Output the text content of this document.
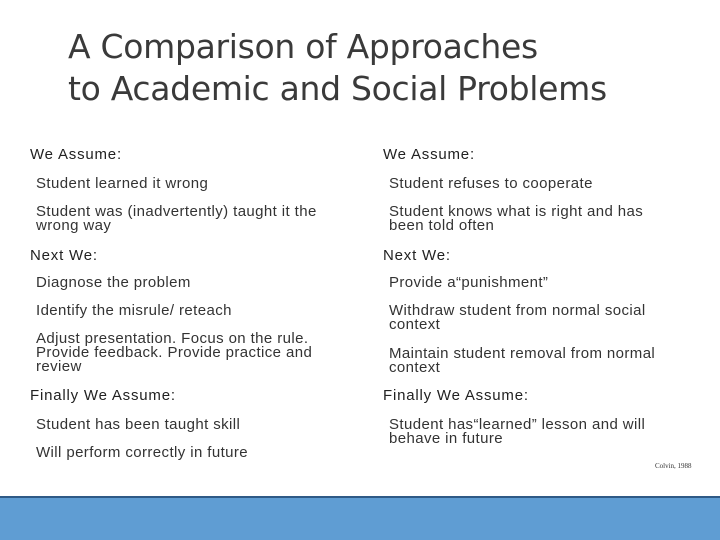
A Comparison of Approaches
to Academic and Social Problems
We Assume:
Student learned it wrong
Student was (inadvertently) taught it the wrong way
Next We:
Diagnose the problem
Identify the misrule/ reteach
Adjust presentation. Focus on the rule. Provide feedback. Provide practice and review
Finally We Assume:
Student has been taught skill
Will perform correctly in future
We Assume:
Student refuses to cooperate
Student knows what is right and has been told often
Next We:
Provide a“punishment”
Withdraw student from normal social context
Maintain student removal from normal context
Finally We Assume:
Student has“learned” lesson and will behave in future
Colvin, 1988
